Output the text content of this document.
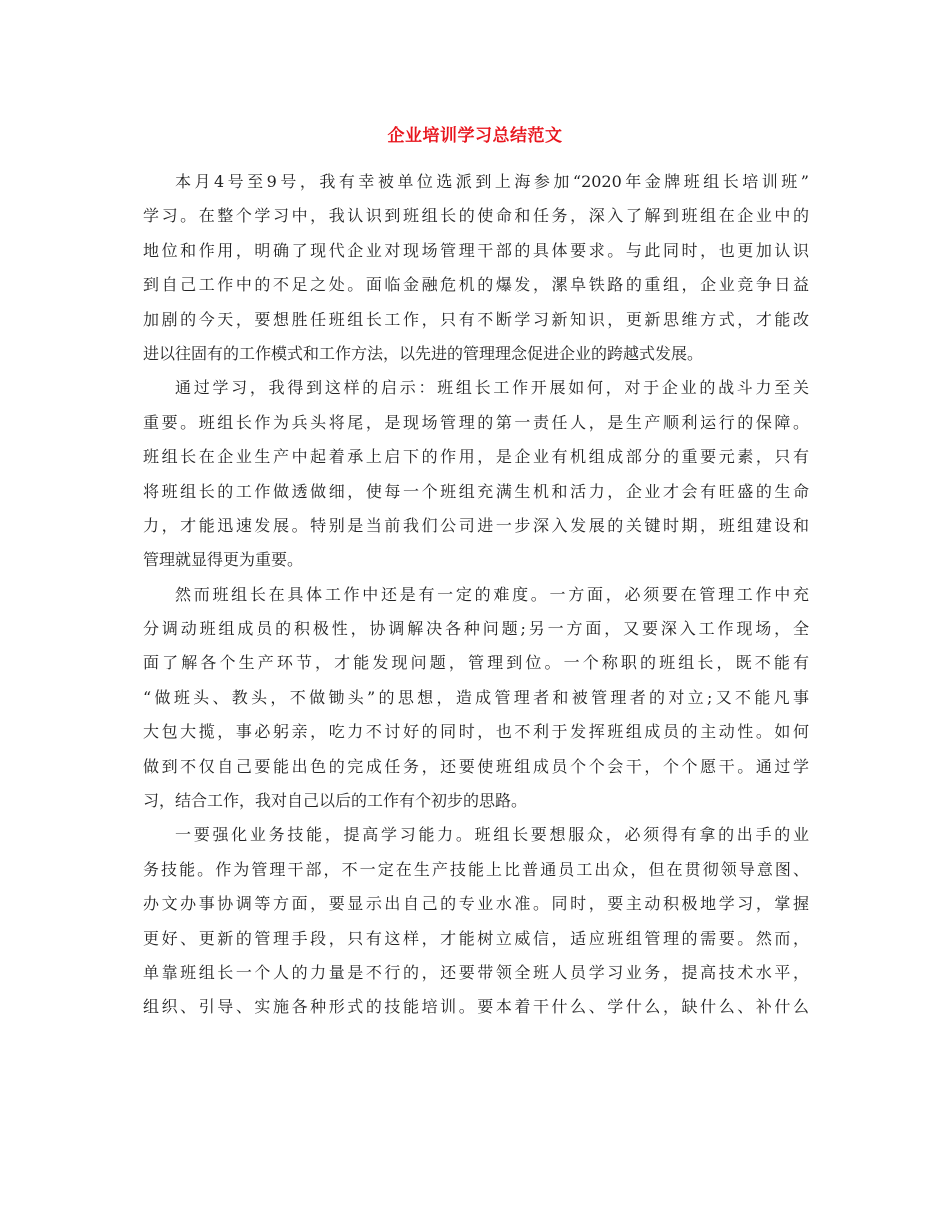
企业培训学习总结范文
本月4号至9号，我有幸被单位选派到上海参加“2020年金牌班组长培训班”
学习。在整个学习中，我认识到班组长的使命和任务，深入了解到班组在企业中的
地位和作用，明确了现代企业对现场管理干部的具体要求。与此同时，也更加认识
到自己工作中的不足之处。面临金融危机的爆发，漯阜铁路的重组，企业竞争日益
加剧的今天，要想胜任班组长工作，只有不断学习新知识，更新思维方式，才能改
进以往固有的工作模式和工作方法，以先进的管理理念促进企业的跨越式发展。
通过学习，我得到这样的启示：班组长工作开展如何，对于企业的战斗力至关
重要。班组长作为兵头将尾，是现场管理的第一责任人，是生产顺利运行的保障。
班组长在企业生产中起着承上启下的作用，是企业有机组成部分的重要元素，只有
将班组长的工作做透做细，使每一个班组充满生机和活力，企业才会有旺盛的生命
力，才能迅速发展。特别是当前我们公司进一步深入发展的关键时期，班组建设和
管理就显得更为重要。
然而班组长在具体工作中还是有一定的难度。一方面，必须要在管理工作中充
分调动班组成员的积极性，协调解决各种问题;另一方面，又要深入工作现场，全
面了解各个生产环节，才能发现问题，管理到位。一个称职的班组长，既不能有
“做班头、教头，不做锄头”的思想，造成管理者和被管理者的对立;又不能凡事
大包大揽，事必躬亲，吃力不讨好的同时，也不利于发挥班组成员的主动性。如何
做到不仅自己要能出色的完成任务，还要使班组成员个个会干，个个愿干。通过学
习，结合工作，我对自己以后的工作有个初步的思路。
一要强化业务技能，提高学习能力。班组长要想服众，必须得有拿的出手的业
务技能。作为管理干部，不一定在生产技能上比普通员工出众，但在贯彻领导意图、
办文办事协调等方面，要显示出自己的专业水准。同时，要主动积极地学习，掌握
更好、更新的管理手段，只有这样，才能树立威信，适应班组管理的需要。然而，
单靠班组长一个人的力量是不行的，还要带领全班人员学习业务，提高技术水平，
组织、引导、实施各种形式的技能培训。要本着干什么、学什么，缺什么、补什么
